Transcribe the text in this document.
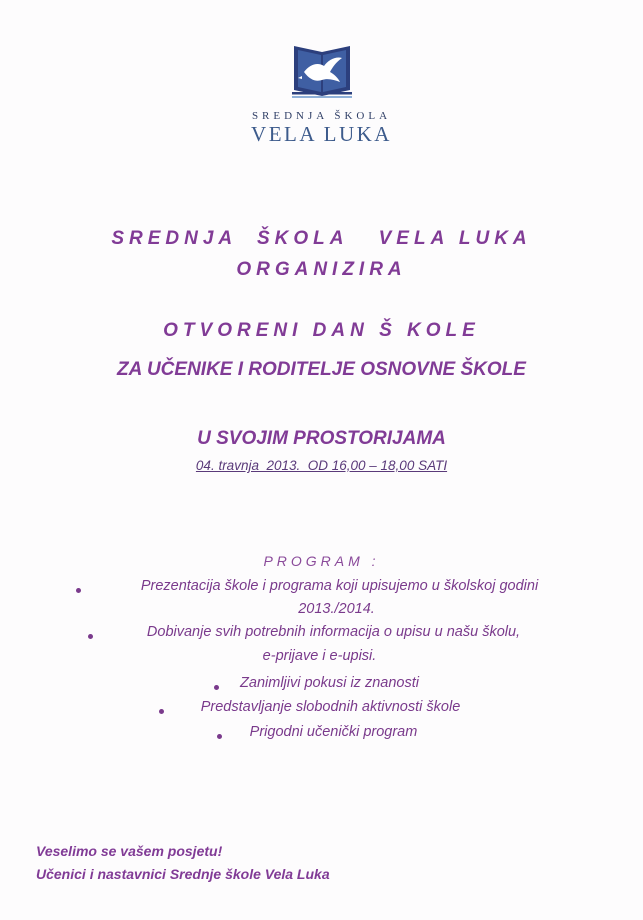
SREDNJA ŠKOLA
VELA LUKA
SREDNJA  ŠKOLA   VELA LUKA
ORGANIZIRA
OTVORENI DAN Š KOLE
ZA UČENIKE I RODITELJE OSNOVNE ŠKOLE
U SVOJIM PROSTORIJAMA
04. travnja  2013.  OD 16,00 – 18,00 SATI
PROGRAM :
Prezentacija škole i programa koji upisujemo u školskoj godini
2013./2014.
Dobivanje svih potrebnih informacija o upisu u našu školu,
e-prijave i e-upisi.
Zanimljivi pokusi iz znanosti
Predstavljanje slobodnih aktivnosti škole
Prigodni učenički program
Veselimo se vašem posjetu!
Učenici i nastavnici Srednje škole Vela Luka
